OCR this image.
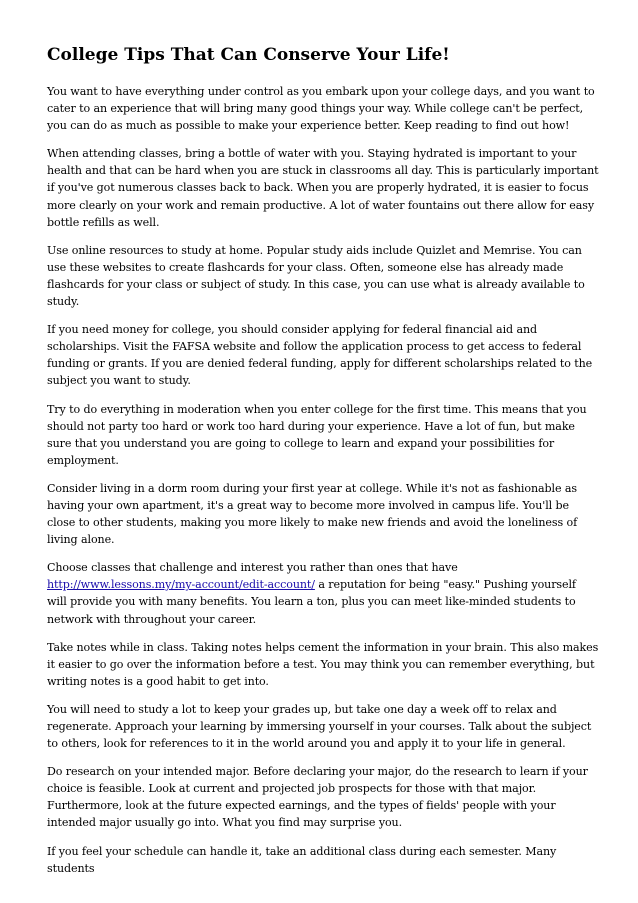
College Tips That Can Conserve Your Life!

You want to have everything under control as you embark upon your college days, and you want to cater to an experience that will bring many good things your way. While college can't be perfect, you can do as much as possible to make your experience better. Keep reading to find out how!

When attending classes, bring a bottle of water with you. Staying hydrated is important to your health and that can be hard when you are stuck in classrooms all day. This is particularly important if you've got numerous classes back to back. When you are properly hydrated, it is easier to focus more clearly on your work and remain productive. A lot of water fountains out there allow for easy bottle refills as well.

Use online resources to study at home. Popular study aids include Quizlet and Memrise. You can use these websites to create flashcards for your class. Often, someone else has already made flashcards for your class or subject of study. In this case, you can use what is already available to study.

If you need money for college, you should consider applying for federal financial aid and scholarships. Visit the FAFSA website and follow the application process to get access to federal funding or grants. If you are denied federal funding, apply for different scholarships related to the subject you want to study.

Try to do everything in moderation when you enter college for the first time. This means that you should not party too hard or work too hard during your experience. Have a lot of fun, but make sure that you understand you are going to college to learn and expand your possibilities for employment.

Consider living in a dorm room during your first year at college. While it's not as fashionable as having your own apartment, it's a great way to become more involved in campus life. You'll be close to other students, making you more likely to make new friends and avoid the loneliness of living alone.

Choose classes that challenge and interest you rather than ones that have http://www.lessons.my/my-account/edit-account/ a reputation for being "easy." Pushing yourself will provide you with many benefits. You learn a ton, plus you can meet like-minded students to network with throughout your career.

Take notes while in class. Taking notes helps cement the information in your brain. This also makes it easier to go over the information before a test. You may think you can remember everything, but writing notes is a good habit to get into.

You will need to study a lot to keep your grades up, but take one day a week off to relax and regenerate. Approach your learning by immersing yourself in your courses. Talk about the subject to others, look for references to it in the world around you and apply it to your life in general.

Do research on your intended major. Before declaring your major, do the research to learn if your choice is feasible. Look at current and projected job prospects for those with that major. Furthermore, look at the future expected earnings, and the types of fields' people with your intended major usually go into. What you find may surprise you.

If you feel your schedule can handle it, take an additional class during each semester. Many students
